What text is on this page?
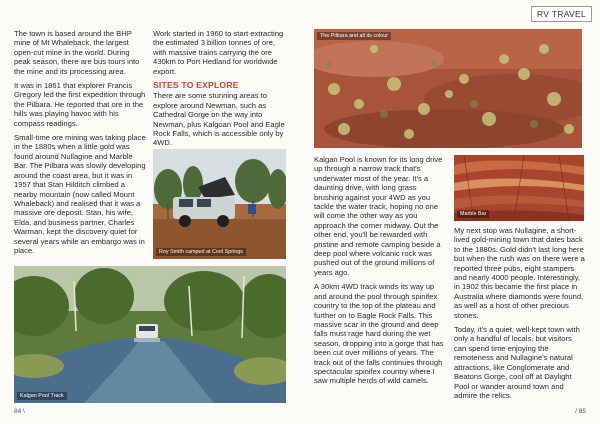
RV TRAVEL

The town is based around the BHP mine of Mt Whaleback, the largest open-cut mine in the world. During peak season, there are bus tours into the mine and its processing area.

It was in 1861 that explorer Francis Gregory led the first expedition through the Pilbara. He reported that ore in the hills was playing havoc with his compass readings.

Small-time ore mining was taking place in the 1880s when a little gold was found around Nullagine and Marble Bar. The Pilbara was slowly developing around the coast area, but it was in 1957 that Stan Hilditch climbed a nearby mountain (now called Mount Whaleback) and realised that it was a massive ore deposit. Stan, his wife, Elda, and business partner, Charles Warman, kept the discovery quiet for several years while an embargo was in place.

Work started in 1960 to start extracting the estimated 3 billion tonnes of ore, with massive trains carrying the ore 430km to Port Hedland for worldwide export.

SITES TO EXPLORE

There are some stunning areas to explore around Newman, such as Cathedral Gorge on the way into Newman, plus Kalgoan Pool and Eagle Rock Falls, which is accessible only by 4WD.

Kalgan Pool is known for its long drive up through a narrow track that's underwater most of the year. It's a daunting drive, with long grass brushing against your 4WD as you tackle the water track, hoping no one will come the other way as you approach the corner midway. Out the other end, you'll be rewarded with pristine and remote camping beside a deep pool where volcanic rock was pushed out of the ground millions of years ago.

A 30km 4WD track winds its way up and around the pool through spinifex country to the top of the plateau and further on to Eagle Rock Falls. This massive scar in the ground and deep falls must rage hard during the wet season, dropping into a gorge that has been cut over millions of years. The track out of the falls continues through spectacular spinifex country where I saw multiple herds of wild camels.

My next stop was Nullagine, a short-lived gold-mining town that dates back to the 1880s. Gold didn't last long here but when the rush was on there were a reported three pubs, eight stampers and nearly 4000 people. Interestingly, in 1902 this became the first place in Australia where diamonds were found, as well as a host of other precious stones.

Today, it's a quiet, well-kept town with only a handful of locals, but visitors can spend time enjoying the remoteness and Nullagine's natural attractions, like Conglomerate and Beatons Gorge, cool off at Daylight Pool or wander around town and admire the relics.

The Pilbara and all its colour
Roy Smith camped at Cool Springs
Kalgan Pool Track
Marble Bar
84 \	/ 85
